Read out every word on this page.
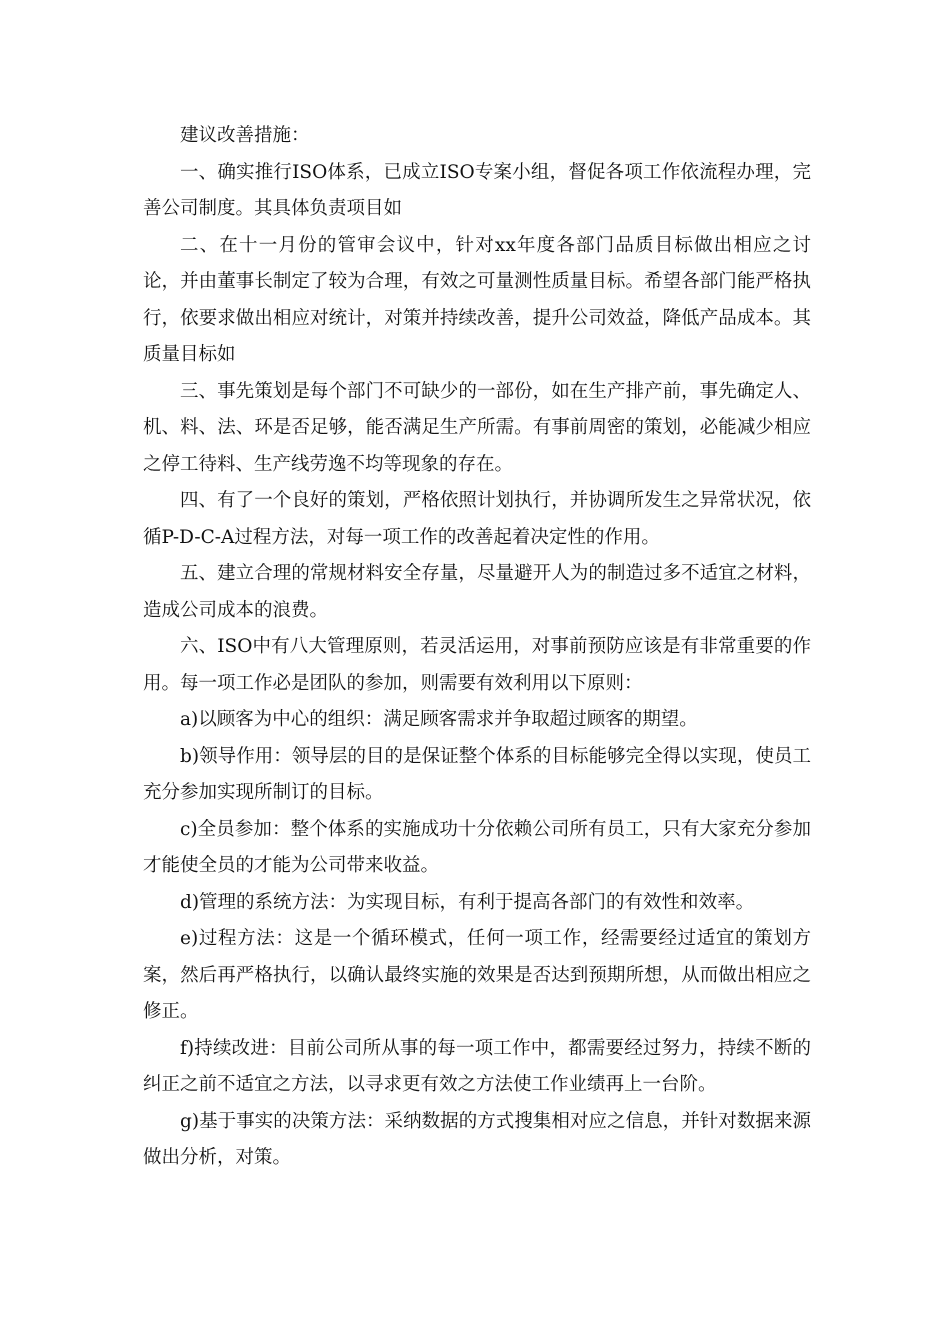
建议改善措施：

一、确实推行ISO体系，已成立ISO专案小组，督促各项工作依流程办理，完善公司制度。其具体负责项目如

二、在十一月份的管审会议中，针对xx年度各部门品质目标做出相应之讨论，并由董事长制定了较为合理，有效之可量测性质量目标。希望各部门能严格执行，依要求做出相应对统计，对策并持续改善，提升公司效益，降低产品成本。其质量目标如

三、事先策划是每个部门不可缺少的一部份，如在生产排产前，事先确定人、机、料、法、环是否足够，能否满足生产所需。有事前周密的策划，必能减少相应之停工待料、生产线劳逸不均等现象的存在。

四、有了一个良好的策划，严格依照计划执行，并协调所发生之异常状况，依循P-D-C-A过程方法，对每一项工作的改善起着决定性的作用。

五、建立合理的常规材料安全存量，尽量避开人为的制造过多不适宜之材料，造成公司成本的浪费。

六、ISO中有八大管理原则，若灵活运用，对事前预防应该是有非常重要的作用。每一项工作必是团队的参加，则需要有效利用以下原则：

a)以顾客为中心的组织：满足顾客需求并争取超过顾客的期望。

b)领导作用：领导层的目的是保证整个体系的目标能够完全得以实现，使员工充分参加实现所制订的目标。

c)全员参加：整个体系的实施成功十分依赖公司所有员工，只有大家充分参加才能使全员的才能为公司带来收益。

d)管理的系统方法：为实现目标，有利于提高各部门的有效性和效率。

e)过程方法：这是一个循环模式，任何一项工作，经需要经过适宜的策划方案，然后再严格执行，以确认最终实施的效果是否达到预期所想，从而做出相应之修正。

f)持续改进：目前公司所从事的每一项工作中，都需要经过努力，持续不断的纠正之前不适宜之方法，以寻求更有效之方法使工作业绩再上一台阶。

g)基于事实的决策方法：采纳数据的方式搜集相对应之信息，并针对数据来源做出分析，对策。
